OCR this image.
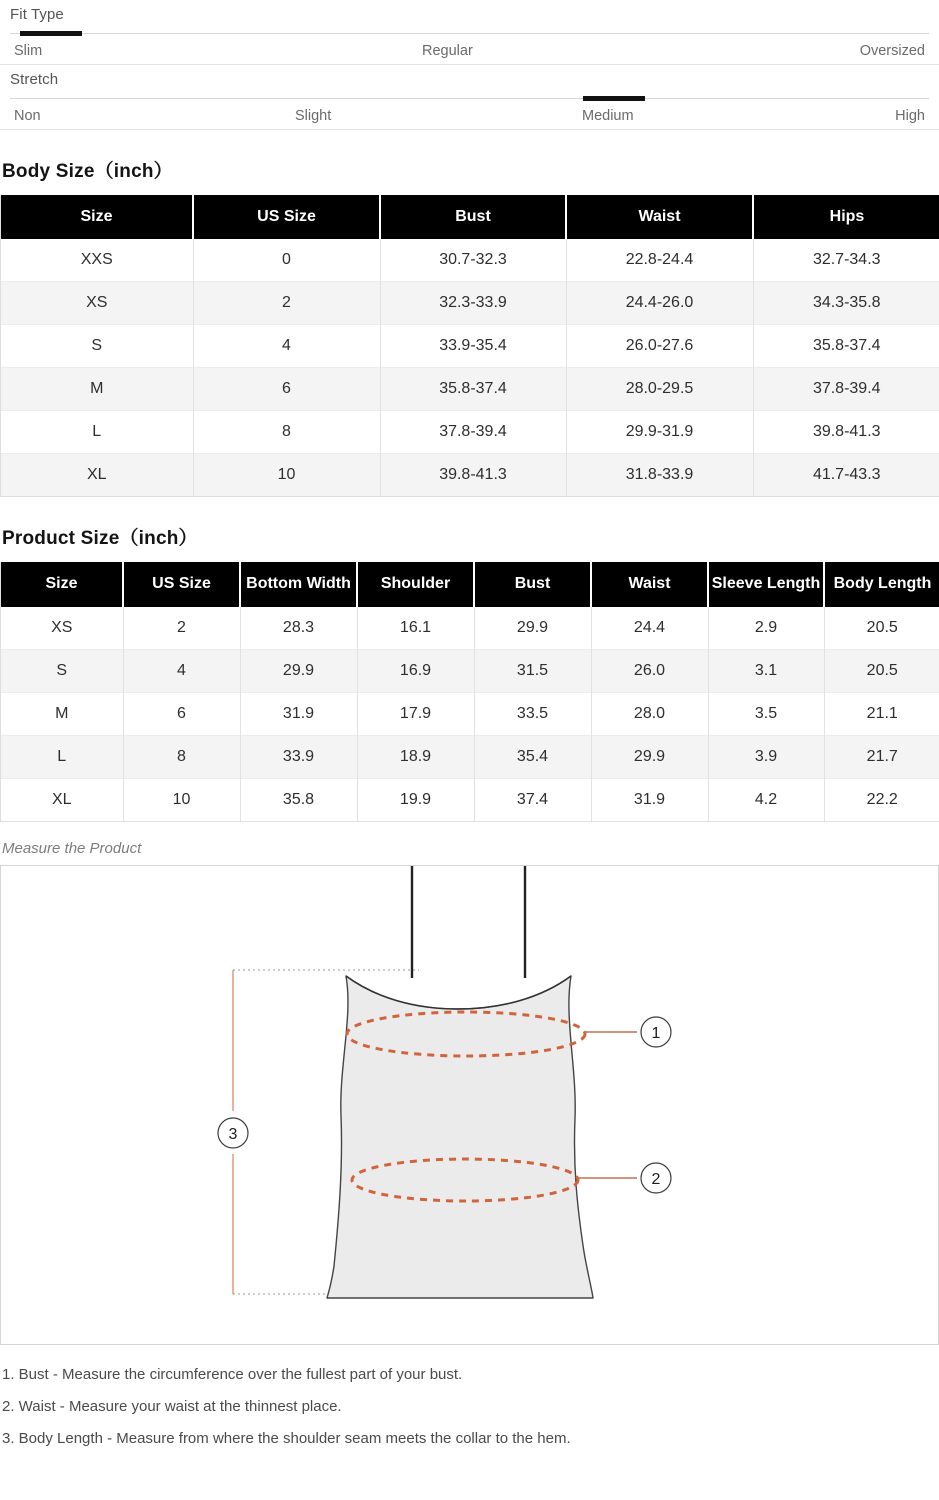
Fit Type
Slim	Regular	Oversized
Stretch
Non	Slight	Medium	High
Body Size（inch）
Size	US Size	Bust	Waist	Hips
XXS	0	30.7-32.3	22.8-24.4	32.7-34.3
XS	2	32.3-33.9	24.4-26.0	34.3-35.8
S	4	33.9-35.4	26.0-27.6	35.8-37.4
M	6	35.8-37.4	28.0-29.5	37.8-39.4
L	8	37.8-39.4	29.9-31.9	39.8-41.3
XL	10	39.8-41.3	31.8-33.9	41.7-43.3
Product Size（inch）
Size	US Size	Bottom Width	Shoulder	Bust	Waist	Sleeve Length	Body Length
XS	2	28.3	16.1	29.9	24.4	2.9	20.5
S	4	29.9	16.9	31.5	26.0	3.1	20.5
M	6	31.9	17.9	33.5	28.0	3.5	21.1
L	8	33.9	18.9	35.4	29.9	3.9	21.7
XL	10	35.8	19.9	37.4	31.9	4.2	22.2
Measure the Product
1
2
3
1. Bust - Measure the circumference over the fullest part of your bust.
2. Waist - Measure your waist at the thinnest place.
3. Body Length - Measure from where the shoulder seam meets the collar to the hem.
